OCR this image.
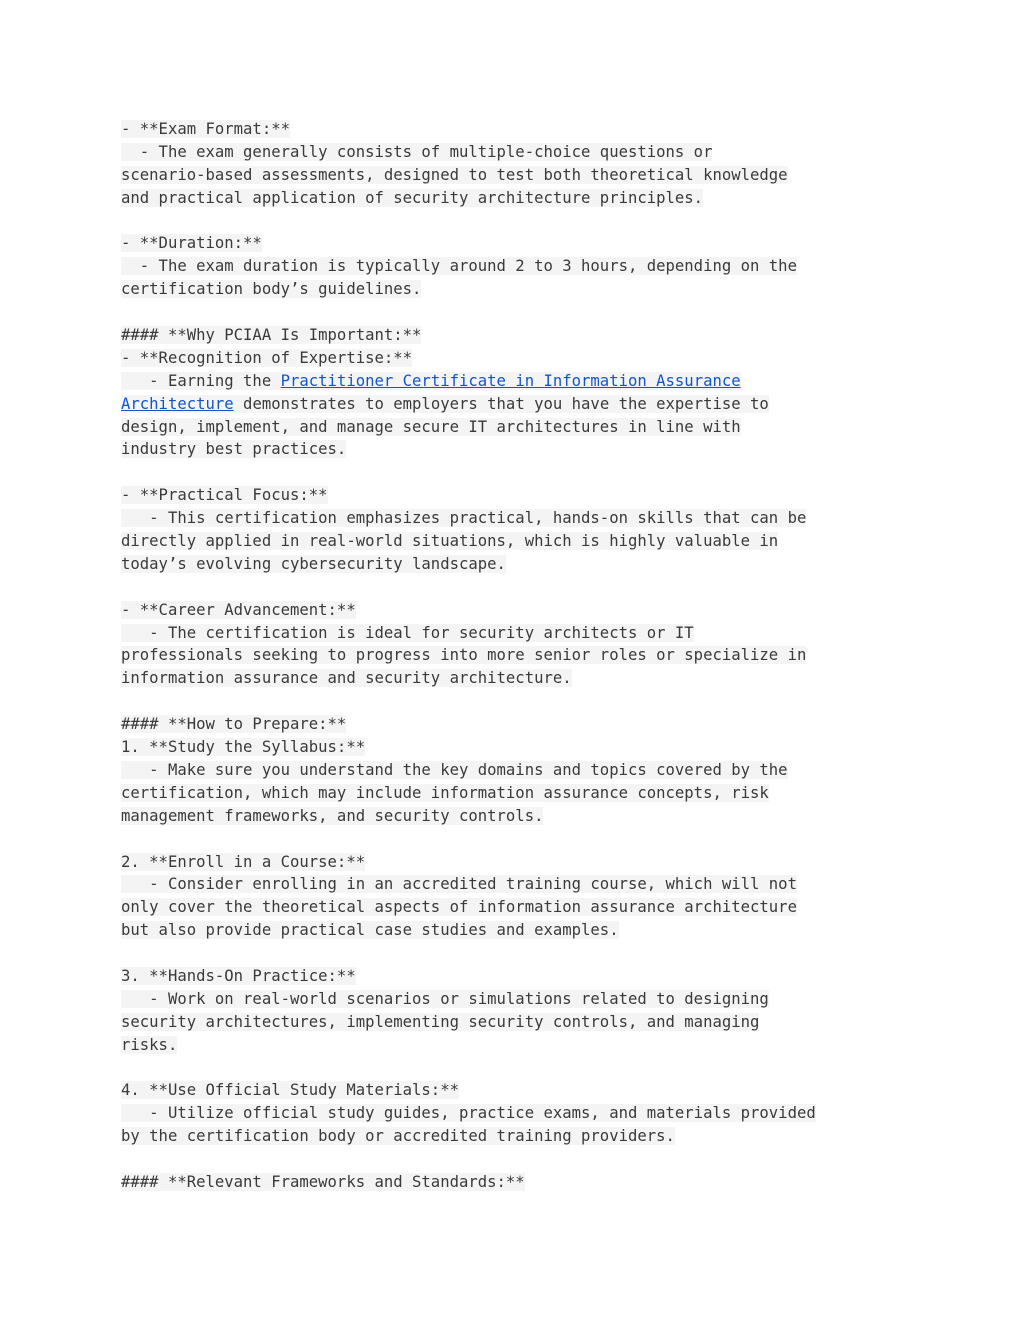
- **Exam Format:**
- The exam generally consists of multiple-choice questions or
scenario-based assessments, designed to test both theoretical knowledge
and practical application of security architecture principles.
- **Duration:**
- The exam duration is typically around 2 to 3 hours, depending on the
certification body’s guidelines.
#### **Why PCIAA Is Important:**
- **Recognition of Expertise:**
- Earning the Practitioner Certificate in Information Assurance
Architecture demonstrates to employers that you have the expertise to
design, implement, and manage secure IT architectures in line with
industry best practices.
- **Practical Focus:**
- This certification emphasizes practical, hands-on skills that can be
directly applied in real-world situations, which is highly valuable in
today’s evolving cybersecurity landscape.
- **Career Advancement:**
- The certification is ideal for security architects or IT
professionals seeking to progress into more senior roles or specialize in
information assurance and security architecture.
#### **How to Prepare:**
1. **Study the Syllabus:**
- Make sure you understand the key domains and topics covered by the
certification, which may include information assurance concepts, risk
management frameworks, and security controls.
2. **Enroll in a Course:**
- Consider enrolling in an accredited training course, which will not
only cover the theoretical aspects of information assurance architecture
but also provide practical case studies and examples.
3. **Hands-On Practice:**
- Work on real-world scenarios or simulations related to designing
security architectures, implementing security controls, and managing
risks.
4. **Use Official Study Materials:**
- Utilize official study guides, practice exams, and materials provided
by the certification body or accredited training providers.
#### **Relevant Frameworks and Standards:**
